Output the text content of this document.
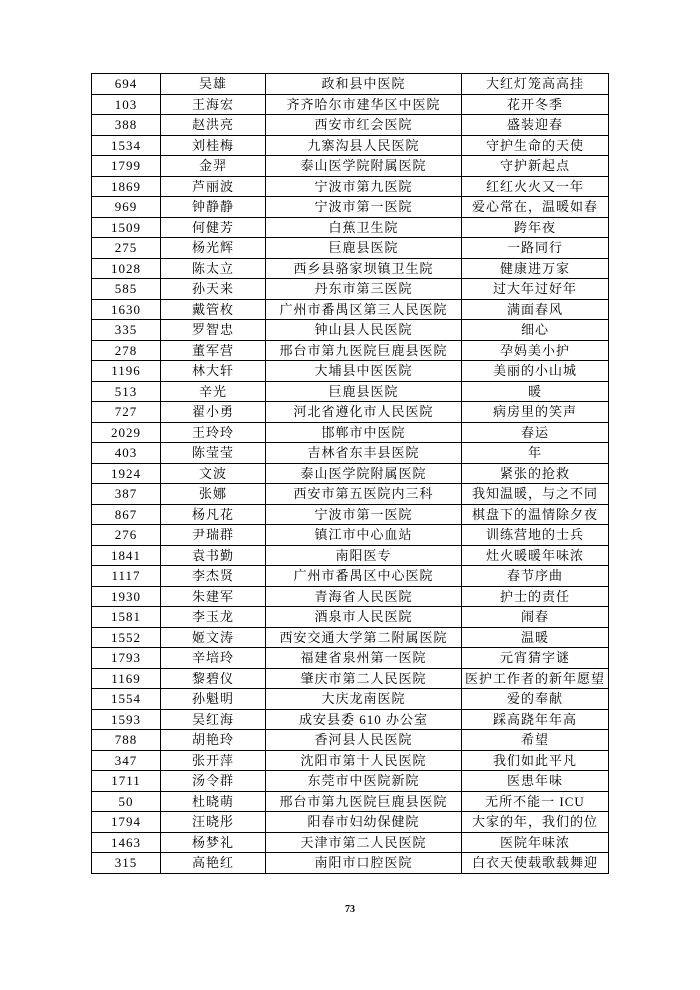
694	吴雄	政和县中医院	大红灯笼高高挂
103	王海宏	齐齐哈尔市建华区中医院	花开冬季
388	赵洪亮	西安市红会医院	盛装迎春
1534	刘桂梅	九寨沟县人民医院	守护生命的天使
1799	金羿	泰山医学院附属医院	守护新起点
1869	芦丽波	宁波市第九医院	红红火火又一年
969	钟静静	宁波市第一医院	爱心常在，温暖如春
1509	何健芳	白蕉卫生院	跨年夜
275	杨光辉	巨鹿县医院	一路同行
1028	陈太立	西乡县骆家坝镇卫生院	健康进万家
585	孙天来	丹东市第三医院	过大年过好年
1630	戴管枚	广州市番禺区第三人民医院	满面春风
335	罗智忠	钟山县人民医院	细心
278	董军营	邢台市第九医院巨鹿县医院	孕妈美小护
1196	林大轩	大埔县中医医院	美丽的小山城
513	辛光	巨鹿县医院	暖
727	翟小勇	河北省遵化市人民医院	病房里的笑声
2029	王玲玲	邯郸市中医院	春运
403	陈莹莹	吉林省东丰县医院	年
1924	文波	泰山医学院附属医院	紧张的抢救
387	张娜	西安市第五医院内三科	我知温暖，与之不同
867	杨凡花	宁波市第一医院	棋盘下的温情除夕夜
276	尹瑞群	镇江市中心血站	训练营地的士兵
1841	袁书勤	南阳医专	灶火暖暖年味浓
1117	李杰贤	广州市番禺区中心医院	春节序曲
1930	朱建军	青海省人民医院	护士的责任
1581	李玉龙	酒泉市人民医院	闹春
1552	姬文涛	西安交通大学第二附属医院	温暖
1793	辛培玲	福建省泉州第一医院	元宵猜字谜
1169	黎碧仪	肇庆市第二人民医院	医护工作者的新年愿望
1554	孙魁明	大庆龙南医院	爱的奉献
1593	吴红海	成安县委 610 办公室	踩高跷年年高
788	胡艳玲	香河县人民医院	希望
347	张开萍	沈阳市第十人民医院	我们如此平凡
1711	汤令群	东莞市中医院新院	医患年味
50	杜晓萌	邢台市第九医院巨鹿县医院	无所不能一 ICU
1794	汪晓彤	阳春市妇幼保健院	大家的年，我们的位
1463	杨梦礼	天津市第二人民医院	医院年味浓
315	高艳红	南阳市口腔医院	白衣天使载歌载舞迎
73
